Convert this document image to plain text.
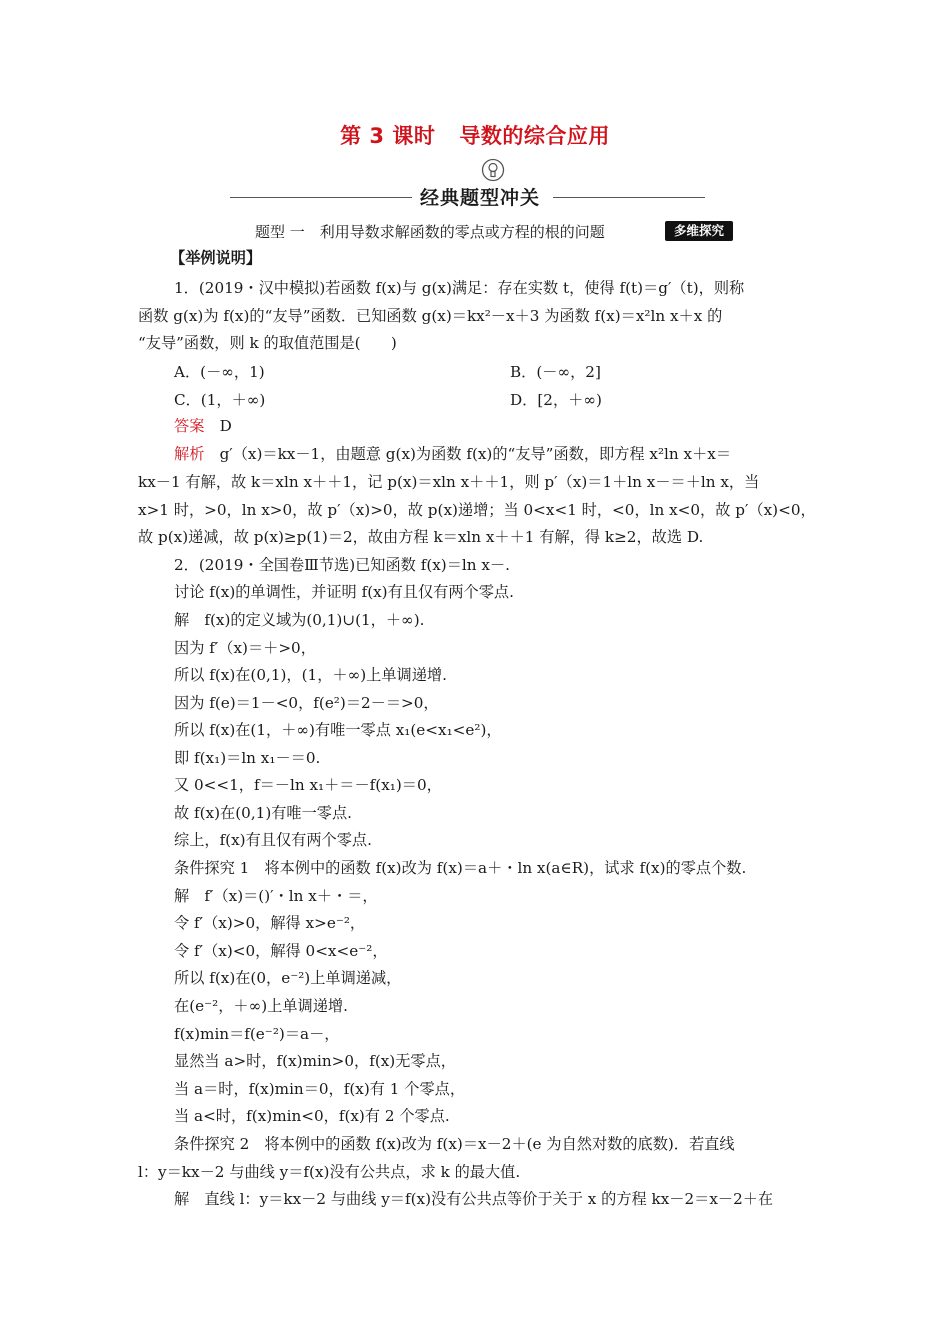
第 3 课时 导数的综合应用
经典题型冲关
题型 一　利用导数求解函数的零点或方程的根的问题	多维探究
【举例说明】
1．(2019・汉中模拟)若函数 f(x)与 g(x)满足：存在实数 t，使得 f(t)＝g′（t)，则称
函数 g(x)为 f(x)的“友导”函数．已知函数 g(x)＝kx²－x＋3 为函数 f(x)＝x²ln x＋x 的
“友导”函数，则 k 的取值范围是(　　)
A．(－∞，1)	B．(－∞，2]
C．(1，＋∞)	D．[2，＋∞)
答案　 D
解析　 g′（x)＝kx－1，由题意 g(x)为函数 f(x)的“友导”函数，即方程 x²ln x＋x＝
kx－1 有解，故 k＝xln x＋＋1，记 p(x)＝xln x＋＋1，则 p′（x)＝1＋ln x－＝＋ln x，当
x>1 时，>0，ln x>0，故 p′（x)>0，故 p(x)递增；当 0<x<1 时，<0，ln x<0，故 p′（x)<0，
故 p(x)递减，故 p(x)≥p(1)＝2，故由方程 k＝xln x＋＋1 有解，得 k≥2，故选 D.
2．(2019・全国卷Ⅲ节选)已知函数 f(x)＝ln x－.
讨论 f(x)的单调性，并证明 f(x)有且仅有两个零点.
解　f(x)的定义域为(0,1)∪(1，＋∞).
因为 f′（x)＝＋>0，
所以 f(x)在(0,1)，(1，＋∞)上单调递增.
因为 f(e)＝1－<0，f(e²)＝2－＝>0，
所以 f(x)在(1，＋∞)有唯一零点 x₁(e<x₁<e²)，
即 f(x₁)＝ln x₁－＝0.
又 0<<1，f＝－ln x₁＋＝－f(x₁)＝0，
故 f(x)在(0,1)有唯一零点.
综上，f(x)有且仅有两个零点.
条件探究 1　将本例中的函数 f(x)改为 f(x)＝a＋・ln x(a∈R)，试求 f(x)的零点个数.
解　f′（x)＝()′・ln x＋・＝，
令 f′（x)>0，解得 x>e⁻²，
令 f′（x)<0，解得 0<x<e⁻²，
所以 f(x)在(0，e⁻²)上单调递减，
在(e⁻²，＋∞)上单调递增.
f(x)min＝f(e⁻²)＝a－，
显然当 a>时，f(x)min>0，f(x)无零点，
当 a＝时，f(x)min＝0，f(x)有 1 个零点，
当 a<时，f(x)min<0，f(x)有 2 个零点.
条件探究 2　将本例中的函数 f(x)改为 f(x)＝x－2＋(e 为自然对数的底数)．若直线
l：y＝kx－2 与曲线 y＝f(x)没有公共点，求 k 的最大值.
解　直线 l：y＝kx－2 与曲线 y＝f(x)没有公共点等价于关于 x 的方程 kx－2＝x－2＋在
